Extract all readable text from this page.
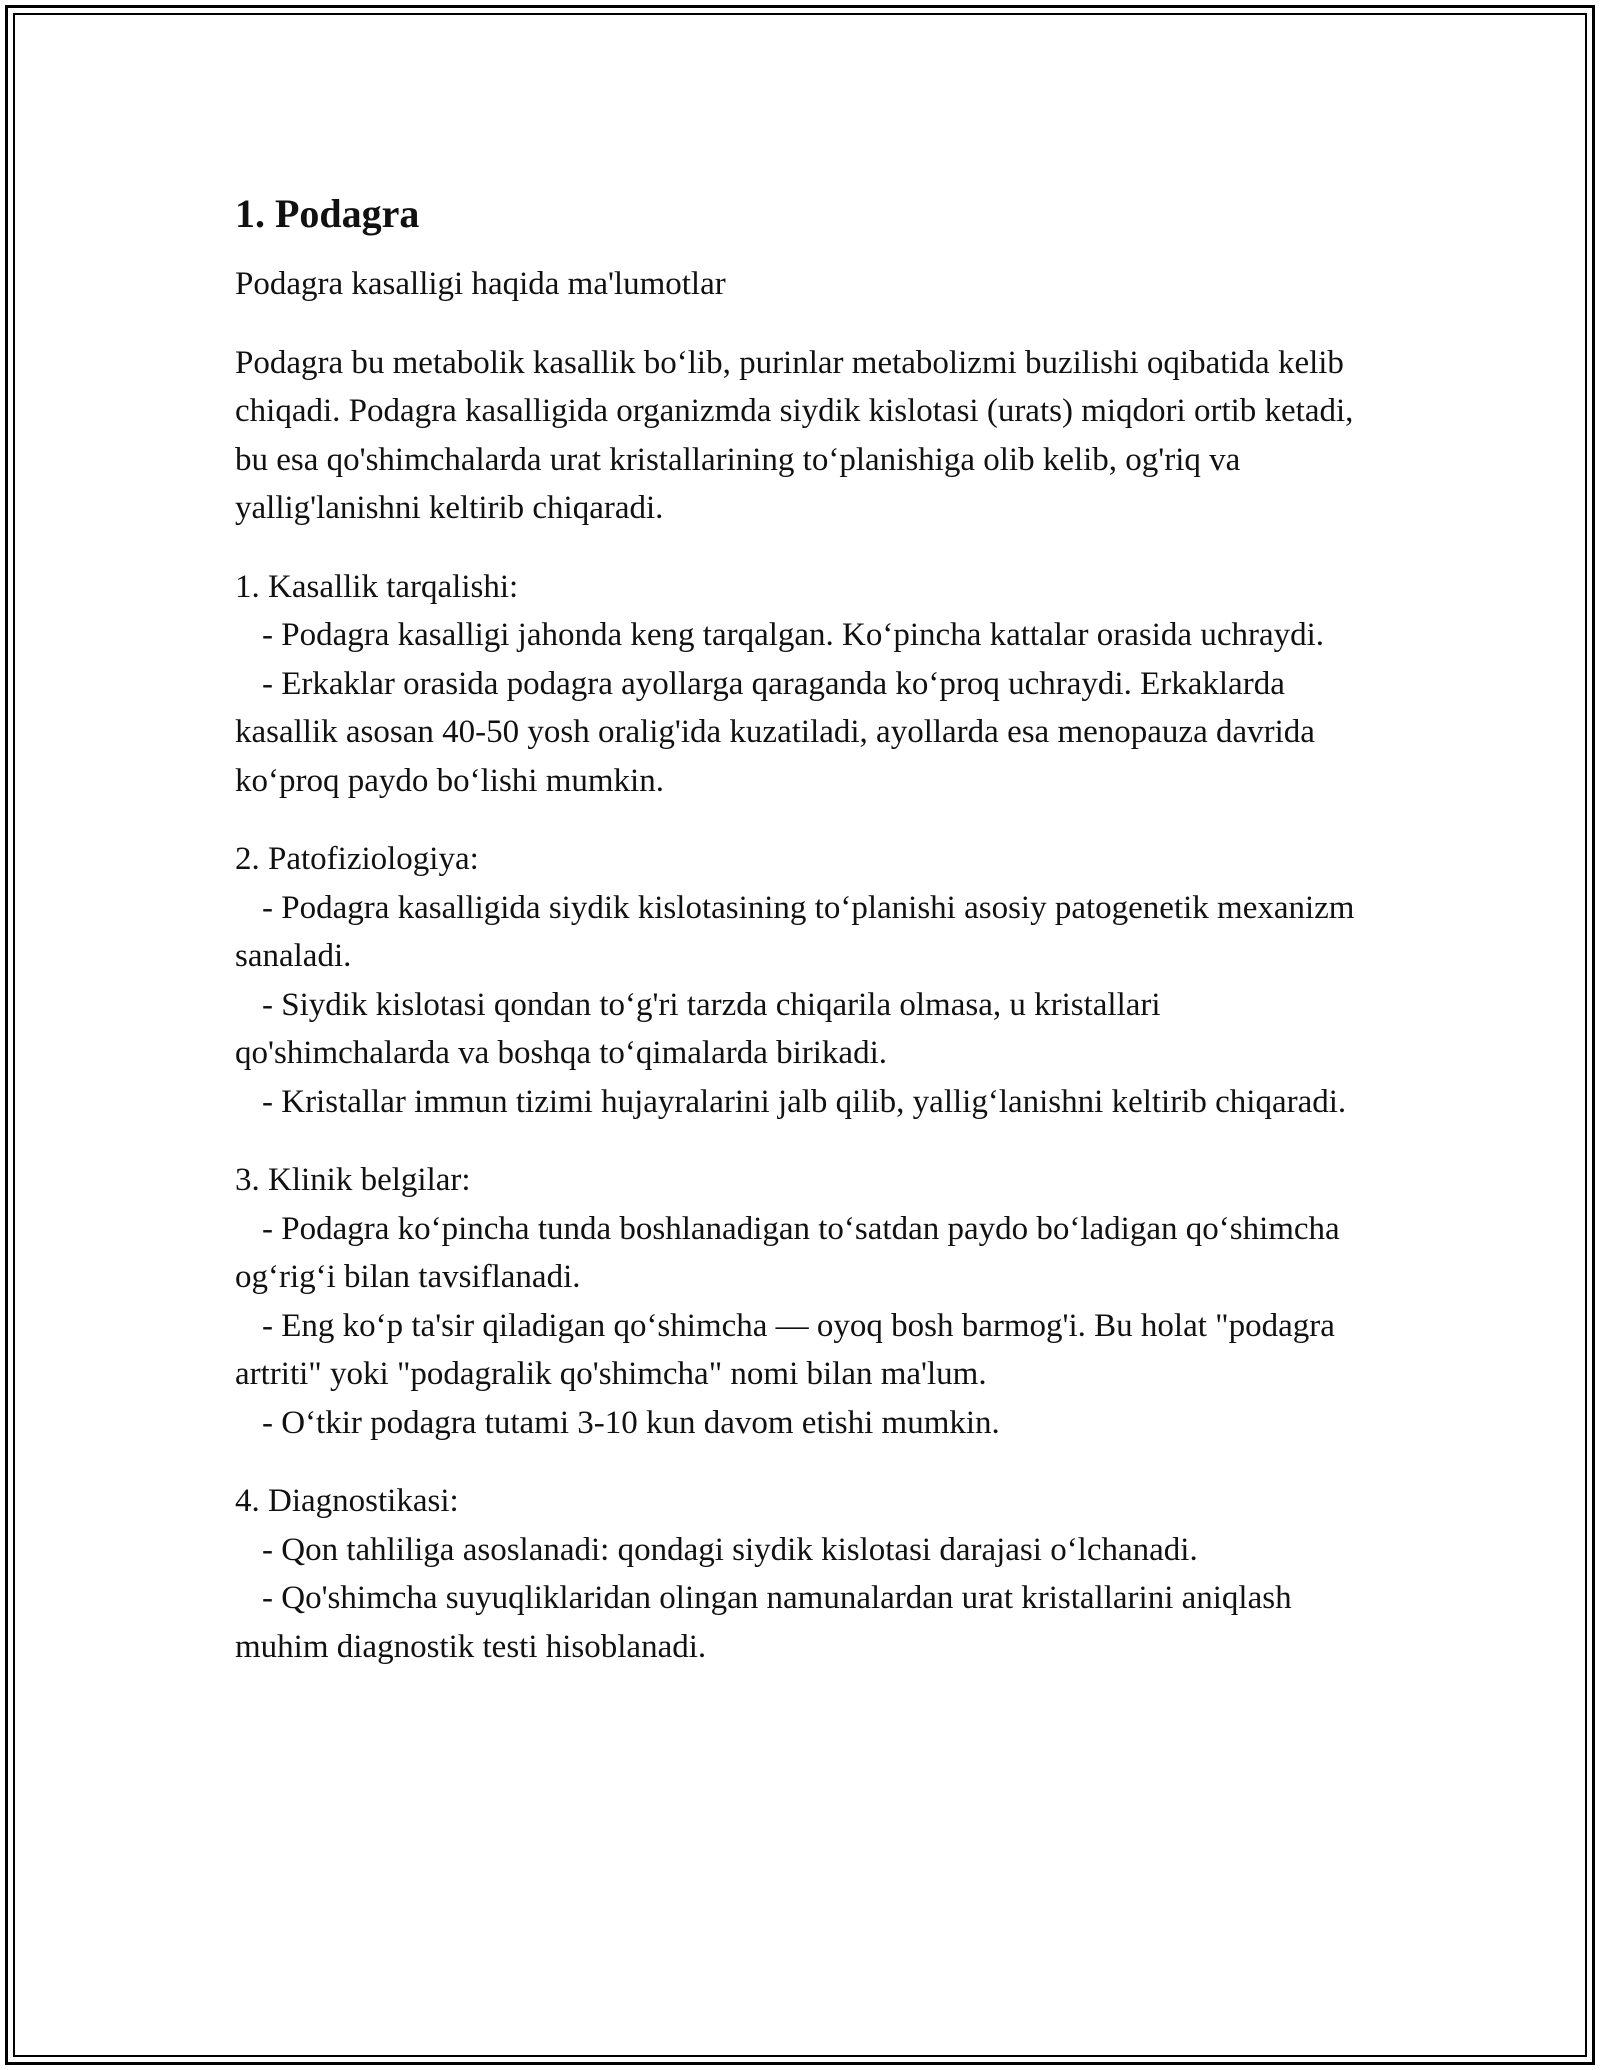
1. Podagra

Podagra kasalligi haqida ma'lumotlar

Podagra bu metabolik kasallik bo‘lib, purinlar metabolizmi buzilishi oqibatida kelib chiqadi. Podagra kasalligida organizmda siydik kislotasi (urats) miqdori ortib ketadi, bu esa qo'shimchalarda urat kristallarining to‘planishiga olib kelib, og'riq va yallig'lanishni keltirib chiqaradi.

1. Kasallik tarqalishi:

- Podagra kasalligi jahonda keng tarqalgan. Ko‘pincha kattalar orasida uchraydi.

- Erkaklar orasida podagra ayollarga qaraganda ko‘proq uchraydi. Erkaklarda kasallik asosan 40-50 yosh oralig'ida kuzatiladi, ayollarda esa menopauza davrida ko‘proq paydo bo‘lishi mumkin.

2. Patofiziologiya:

- Podagra kasalligida siydik kislotasining to‘planishi asosiy patogenetik mexanizm sanaladi.

- Siydik kislotasi qondan to‘g'ri tarzda chiqarila olmasa, u kristallari qo'shimchalarda va boshqa to‘qimalarda birikadi.

- Kristallar immun tizimi hujayralarini jalb qilib, yallig‘lanishni keltirib chiqaradi.

3. Klinik belgilar:

- Podagra ko‘pincha tunda boshlanadigan to‘satdan paydo bo‘ladigan qo‘shimcha og‘rig‘i bilan tavsiflanadi.

- Eng ko‘p ta'sir qiladigan qo‘shimcha — oyoq bosh barmog'i. Bu holat "podagra artriti" yoki "podagralik qo'shimcha" nomi bilan ma'lum.

- O‘tkir podagra tutami 3-10 kun davom etishi mumkin.

4. Diagnostikasi:

- Qon tahliliga asoslanadi: qondagi siydik kislotasi darajasi o‘lchanadi.

- Qo'shimcha suyuqliklaridan olingan namunalardan urat kristallarini aniqlash muhim diagnostik testi hisoblanadi.
